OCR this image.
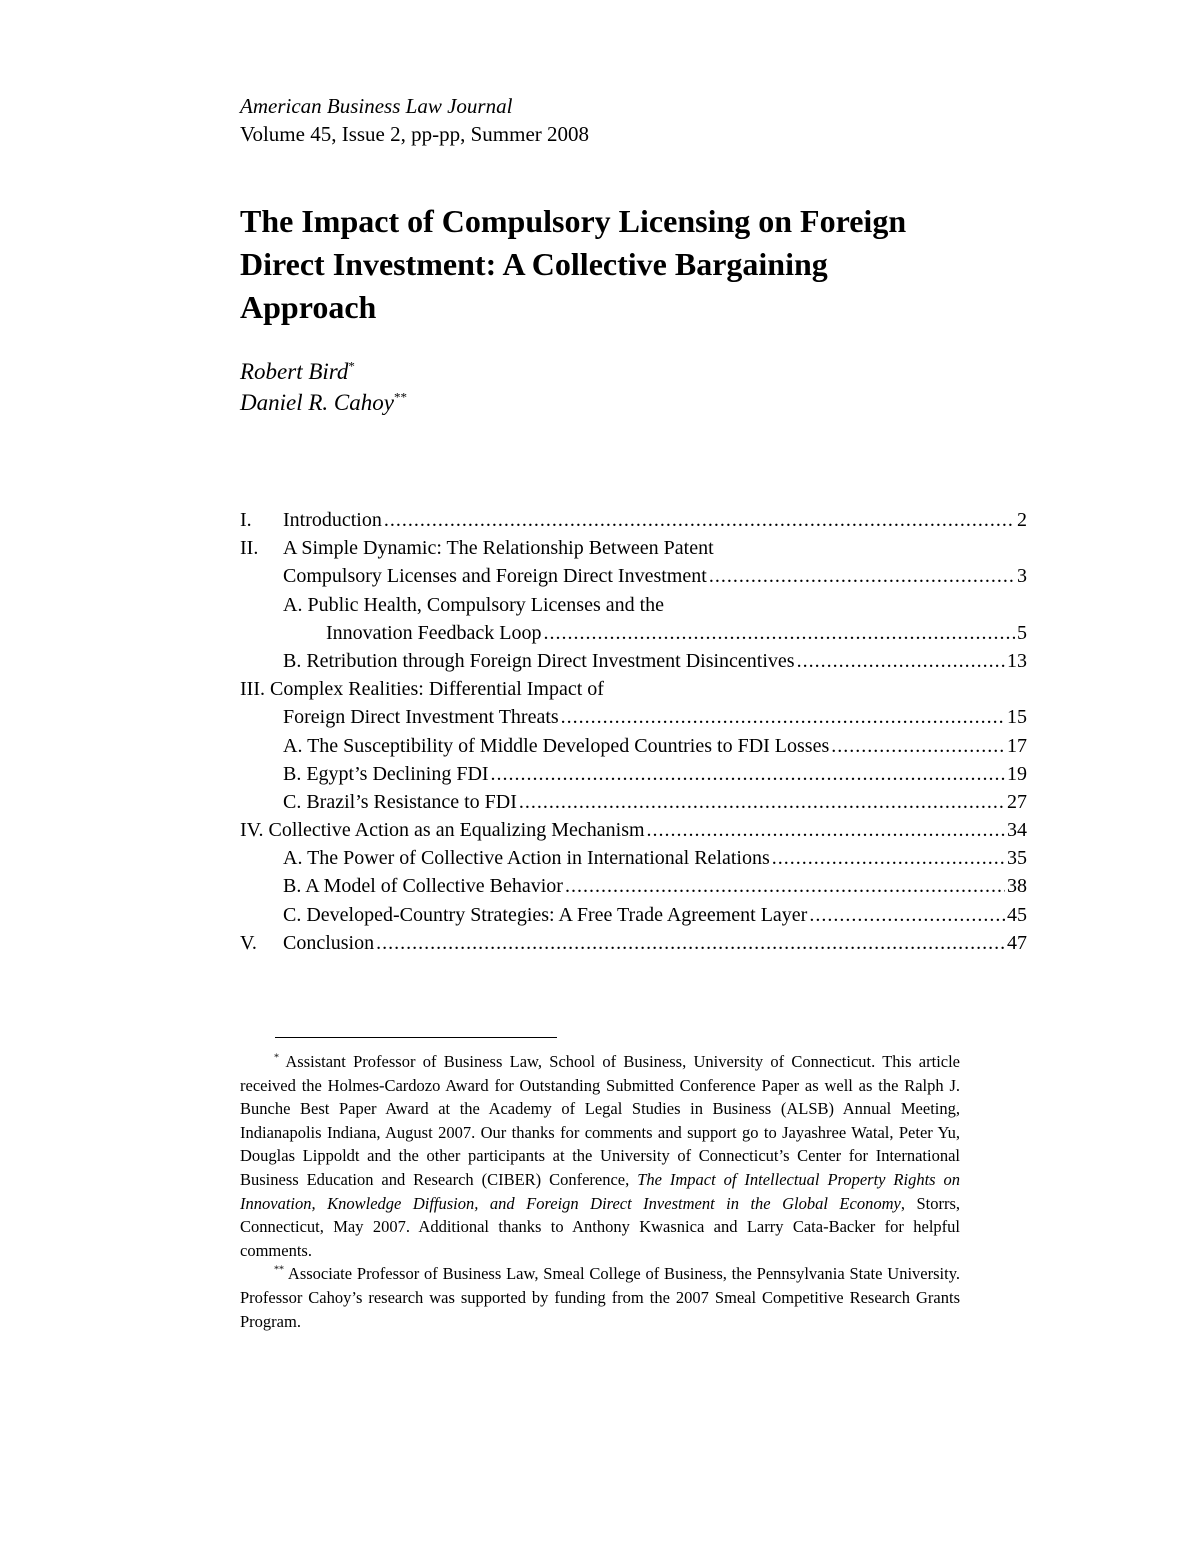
American Business Law Journal
Volume 45, Issue 2, pp-pp, Summer 2008
The Impact of Compulsory Licensing on Foreign Direct Investment: A Collective Bargaining Approach
Robert Bird*
Daniel R. Cahoy**
I. Introduction .....	2
II. A Simple Dynamic: The Relationship Between Patent
Compulsory Licenses and Foreign Direct Investment .....	3
A. Public Health, Compulsory Licenses and the
Innovation Feedback Loop .....	5
B. Retribution through Foreign Direct Investment Disincentives .....	13
III. Complex Realities: Differential Impact of
Foreign Direct Investment Threats .....	15
A. The Susceptibility of Middle Developed Countries to FDI Losses .....	17
B. Egypt’s Declining FDI .....	19
C. Brazil’s Resistance to FDI .....	27
IV. Collective Action as an Equalizing Mechanism .....	34
A. The Power of Collective Action in International Relations .....	35
B. A Model of Collective Behavior .....	38
C. Developed-Country Strategies: A Free Trade Agreement Layer .....	45
V. Conclusion .....	47

* Assistant Professor of Business Law, School of Business, University of Connecticut. This article received the Holmes-Cardozo Award for Outstanding Submitted Conference Paper as well as the Ralph J. Bunche Best Paper Award at the Academy of Legal Studies in Business (ALSB) Annual Meeting, Indianapolis Indiana, August 2007. Our thanks for comments and support go to Jayashree Watal, Peter Yu, Douglas Lippoldt and the other participants at the University of Connecticut’s Center for International Business Education and Research (CIBER) Conference, The Impact of Intellectual Property Rights on Innovation, Knowledge Diffusion, and Foreign Direct Investment in the Global Economy, Storrs, Connecticut, May 2007. Additional thanks to Anthony Kwasnica and Larry Cata-Backer for helpful comments.

** Associate Professor of Business Law, Smeal College of Business, the Pennsylvania State University. Professor Cahoy’s research was supported by funding from the 2007 Smeal Competitive Research Grants Program.
